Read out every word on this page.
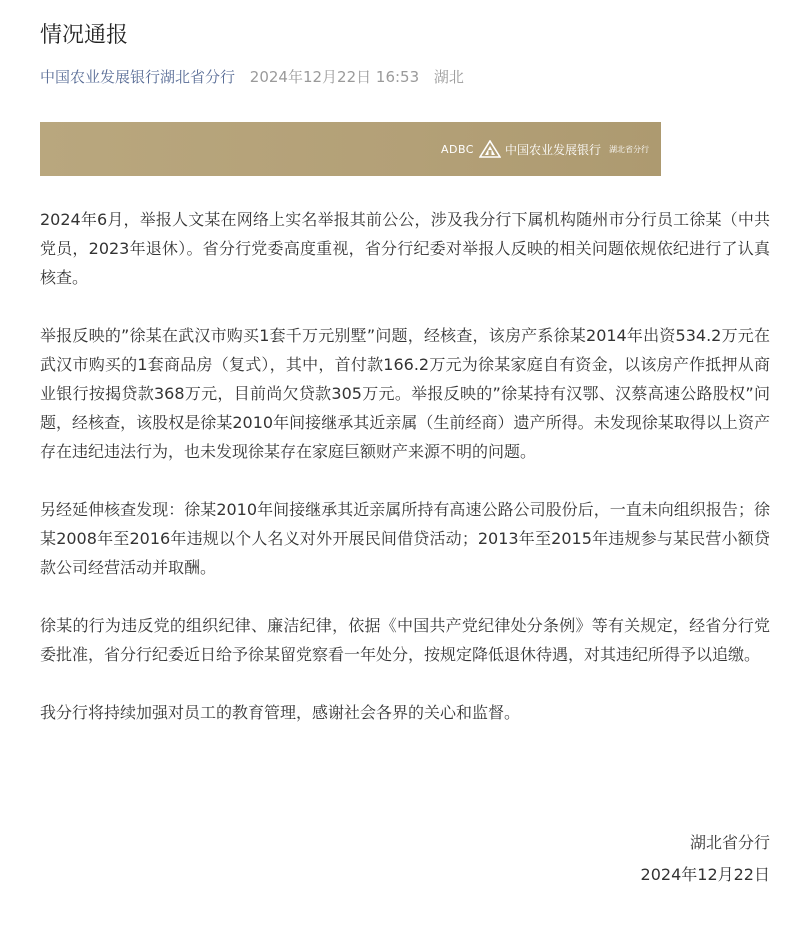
情况通报
中国农业发展银行湖北省分行 2024年12月22日 16:53 湖北
ADBC	中国农业发展银行 湖北省分行

2024年6月，举报人文某在网络上实名举报其前公公，涉及我分行下属机构随州市分行员工徐某（中共党员，2023年退休）。省分行党委高度重视，省分行纪委对举报人反映的相关问题依规依纪进行了认真核查。

举报反映的”徐某在武汉市购买1套千万元别墅”问题，经核查，该房产系徐某2014年出资534.2万元在武汉市购买的1套商品房（复式），其中，首付款166.2万元为徐某家庭自有资金，以该房产作抵押从商业银行按揭贷款368万元，目前尚欠贷款305万元。举报反映的”徐某持有汉鄂、汉蔡高速公路股权”问题，经核查，该股权是徐某2010年间接继承其近亲属（生前经商）遗产所得。未发现徐某取得以上资产存在违纪违法行为，也未发现徐某存在家庭巨额财产来源不明的问题。

另经延伸核查发现：徐某2010年间接继承其近亲属所持有高速公路公司股份后，一直未向组织报告；徐某2008年至2016年违规以个人名义对外开展民间借贷活动；2013年至2015年违规参与某民营小额贷款公司经营活动并取酬。

徐某的行为违反党的组织纪律、廉洁纪律，依据《中国共产党纪律处分条例》等有关规定，经省分行党委批准，省分行纪委近日给予徐某留党察看一年处分，按规定降低退休待遇，对其违纪所得予以追缴。

我分行将持续加强对员工的教育管理，感谢社会各界的关心和监督。

湖北省分行
2024年12月22日
